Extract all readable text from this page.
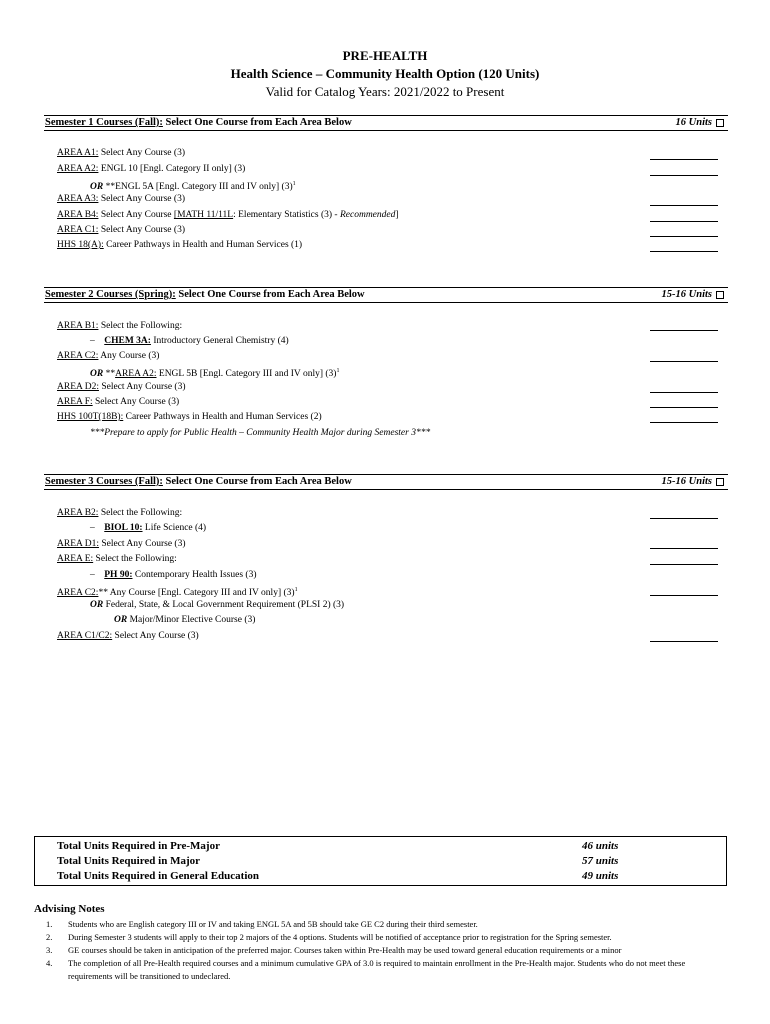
PRE-HEALTH
Health Science – Community Health Option (120 Units)
Valid for Catalog Years: 2021/2022 to Present
Semester 1 Courses (Fall): Select One Course from Each Area Below	16 Units
AREA A1: Select Any Course (3)
AREA A2: ENGL 10 [Engl. Category II only] (3)
OR **ENGL 5A [Engl. Category III and IV only] $(3)^1$
AREA A3: Select Any Course (3)
AREA B4: Select Any Course [MATH 11/11L: Elementary Statistics (3) - Recommended]
AREA C1: Select Any Course (3)
HHS 18(A): Career Pathways in Health and Human Services (1)
Semester 2 Courses (Spring): Select One Course from Each Area Below	15-16 Units
AREA B1: Select the Following:
– CHEM 3A: Introductory General Chemistry (4)
AREA C2: Any Course (3)
OR **AREA A2: ENGL 5B [Engl. Category III and IV only] $(3)^1$
AREA D2: Select Any Course (3)
AREA F: Select Any Course (3)
HHS 100T(18B): Career Pathways in Health and Human Services (2)
***Prepare to apply for Public Health – Community Health Major during Semester 3***
Semester 3 Courses (Fall): Select One Course from Each Area Below	15-16 Units
AREA B2: Select the Following:
– BIOL 10: Life Science (4)
AREA D1: Select Any Course (3)
AREA E: Select the Following:
– PH 90: Contemporary Health Issues (3)
AREA C2:** Any Course [Engl. Category III and IV only] $(3)^1$
OR Federal, State, & Local Government Requirement (PLSI 2) (3)
OR Major/Minor Elective Course (3)
AREA C1/C2: Select Any Course (3)
Total Units Required in Pre-Major	46 units
Total Units Required in Major	57 units
Total Units Required in General Education	49 units
Advising Notes
1. Students who are English category III or IV and taking ENGL 5A and 5B should take GE C2 during their third semester.
2. During Semester 3 students will apply to their top 2 majors of the 4 options. Students will be notified of acceptance prior to registration for the Spring semester.
3. GE courses should be taken in anticipation of the preferred major. Courses taken within Pre-Health may be used toward general education requirements or a minor
4. The completion of all Pre-Health required courses and a minimum cumulative GPA of 3.0 is required to maintain enrollment in the Pre-Health major. Students who do not meet these requirements will be transitioned to undeclared.
